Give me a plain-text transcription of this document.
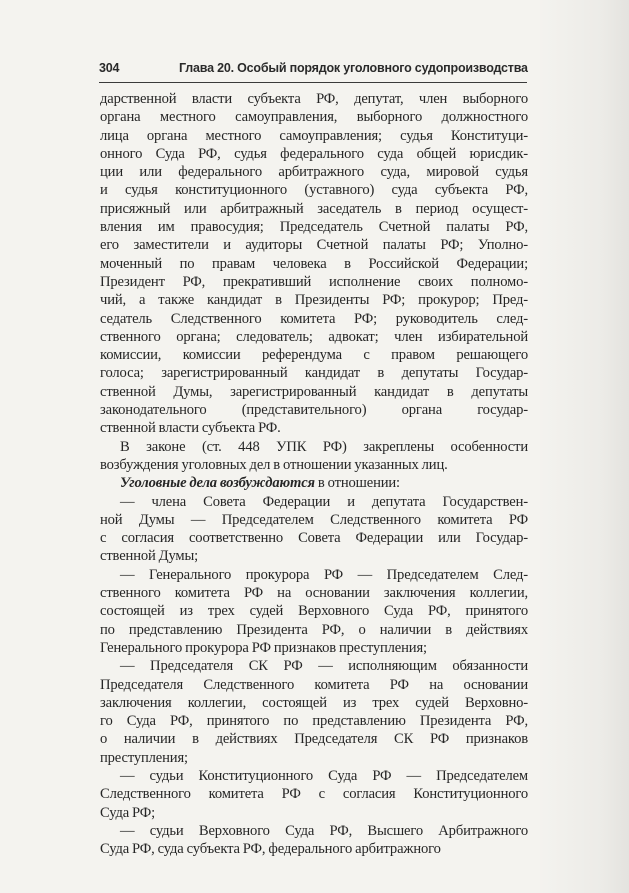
304	Глава 20. Особый порядок уголовного судопроизводства

дарственной власти субъекта РФ, депутат, член выборного

органа местного самоуправления, выборного должностного

лица органа местного самоуправления; судья Конституци-

онного Суда РФ, судья федерального суда общей юрисдик-

ции или федерального арбитражного суда, мировой судья

и судья конституционного (уставного) суда субъекта РФ,

присяжный или арбитражный заседатель в период осущест-

вления им правосудия; Председатель Счетной палаты РФ,

его заместители и аудиторы Счетной палаты РФ; Уполно-

моченный по правам человека в Российской Федерации;

Президент РФ, прекративший исполнение своих полномо-

чий, а также кандидат в Президенты РФ; прокурор; Пред-

седатель Следственного комитета РФ; руководитель след-

ственного органа; следователь; адвокат; член избирательной

комиссии, комиссии референдума с правом решающего

голоса; зарегистрированный кандидат в депутаты Государ-

ственной Думы, зарегистрированный кандидат в депутаты

законодательного (представительного) органа государ-

ственной власти субъекта РФ.

В законе (ст. 448 УПК РФ) закреплены особенности

возбуждения уголовных дел в отношении указанных лиц.

Уголовные дела возбуждаются в отношении:

— члена Совета Федерации и депутата Государствен-

ной Думы — Председателем Следственного комитета РФ

с согласия соответственно Совета Федерации или Государ-

ственной Думы;

— Генерального прокурора РФ — Председателем След-

ственного комитета РФ на основании заключения коллегии,

состоящей из трех судей Верховного Суда РФ, принятого

по представлению Президента РФ, о наличии в действиях

Генерального прокурора РФ признаков преступления;

— Председателя СК РФ — исполняющим обязанности

Председателя Следственного комитета РФ на основании

заключения коллегии, состоящей из трех судей Верховно-

го Суда РФ, принятого по представлению Президента РФ,

о наличии в действиях Председателя СК РФ признаков

преступления;

— судьи Конституционного Суда РФ — Председателем

Следственного комитета РФ с согласия Конституционного

Суда РФ;

— судьи Верховного Суда РФ, Высшего Арбитражного

Суда РФ, суда субъекта РФ, федерального арбитражного
